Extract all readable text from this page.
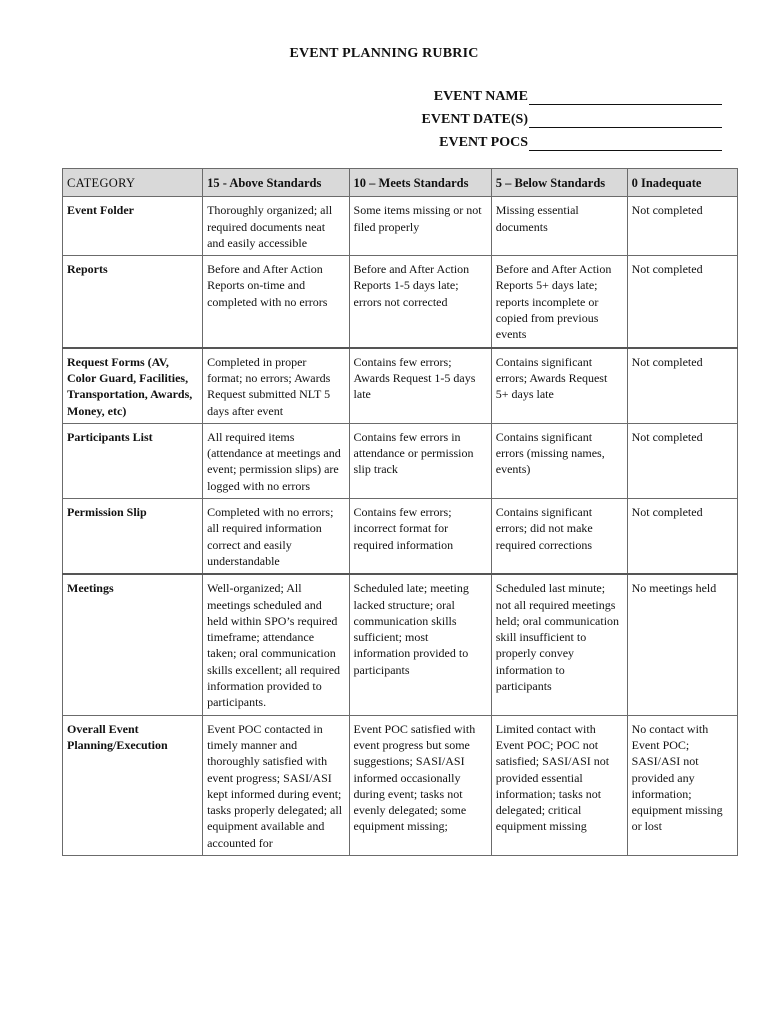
EVENT PLANNING RUBRIC
EVENT NAME
EVENT DATE(S)
EVENT POCS
CATEGORY	15 - Above Standards	10 – Meets Standards	5 – Below Standards	0 Inadequate
Event Folder	Thoroughly organized; all required documents neat and easily accessible	Some items missing or not filed properly	Missing essential documents	Not completed
Reports	Before and After Action Reports on-time and completed with no errors	Before and After Action Reports 1-5 days late; errors not corrected	Before and After Action Reports 5+ days late; reports incomplete or copied from previous events	Not completed
Request Forms (AV, Color Guard, Facilities, Transportation, Awards, Money, etc)	Completed in proper format; no errors; Awards Request submitted NLT 5 days after event	Contains few errors; Awards Request 1-5 days late	Contains significant errors; Awards Request 5+ days late	Not completed
Participants List	All required items (attendance at meetings and event; permission slips) are logged with no errors	Contains few errors in attendance or permission slip track	Contains significant errors (missing names, events)	Not completed
Permission Slip	Completed with no errors; all required information correct and easily understandable	Contains few errors; incorrect format for required information	Contains significant errors; did not make required corrections	Not completed
Meetings	Well-organized; All meetings scheduled and held within SPO’s required timeframe; attendance taken; oral communication skills excellent; all required information provided to participants.	Scheduled late; meeting lacked structure; oral communication skills sufficient; most information provided to participants	Scheduled last minute; not all required meetings held; oral communication skill insufficient to properly convey information to participants	No meetings held
Overall Event Planning/Execution	Event POC contacted in timely manner and thoroughly satisfied with event progress; SASI/ASI kept informed during event; tasks properly delegated; all equipment available and accounted for	Event POC satisfied with event progress but some suggestions; SASI/ASI informed occasionally during event; tasks not evenly delegated; some equipment missing;	Limited contact with Event POC; POC not satisfied; SASI/ASI not provided essential information; tasks not delegated; critical equipment missing	No contact with Event POC; SASI/ASI not provided any information; equipment missing or lost
